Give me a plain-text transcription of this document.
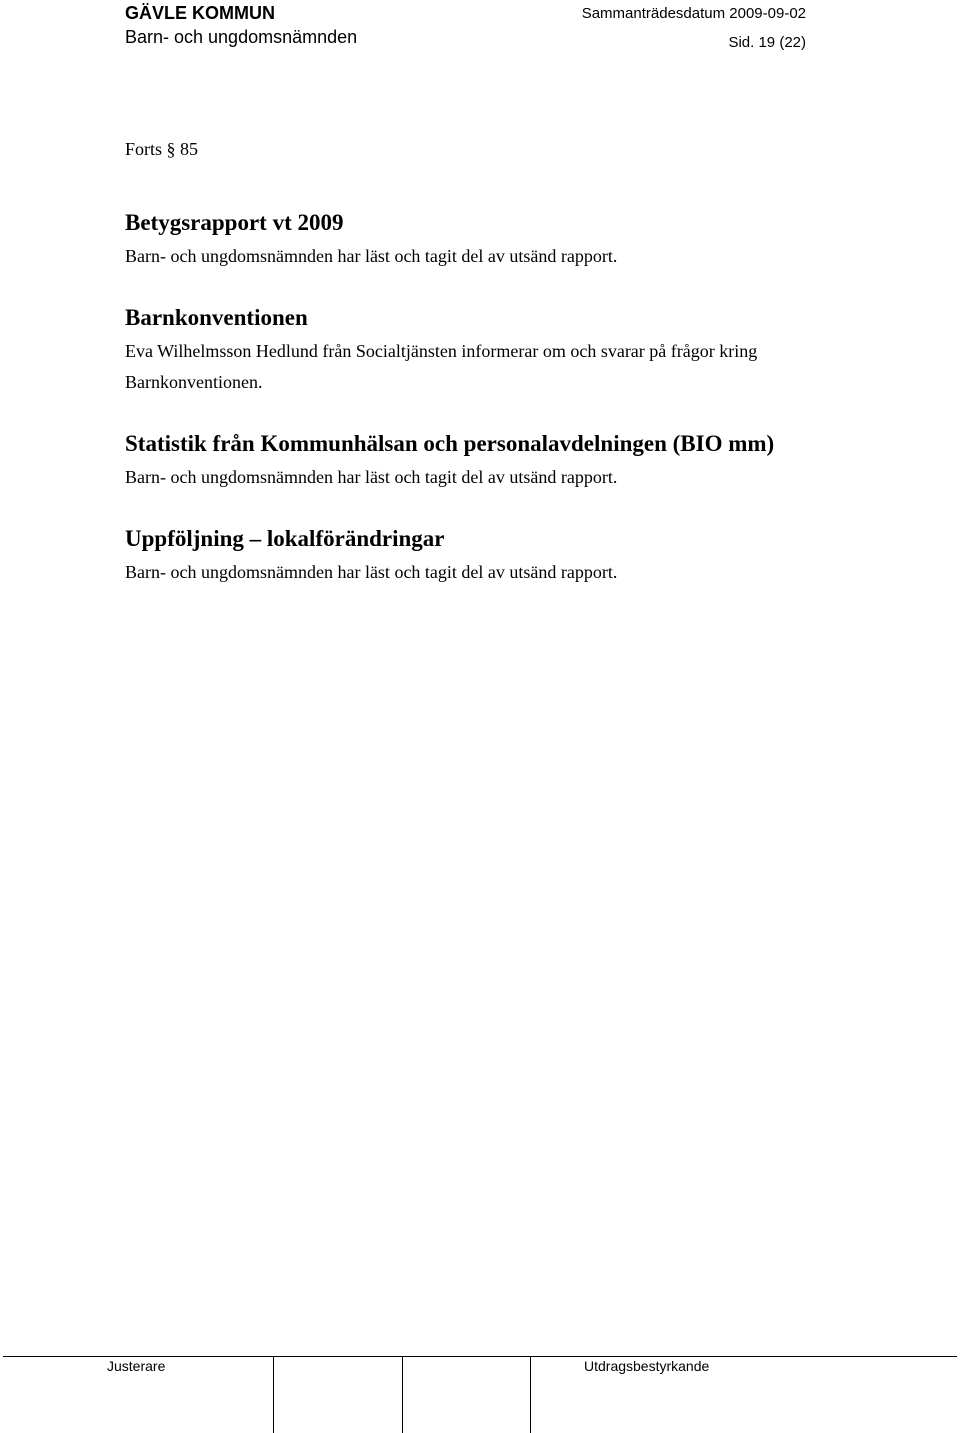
GÄVLE KOMMUN
Barn- och ungdomsnämnden
Sammanträdesdatum 2009-09-02
Sid. 19 (22)
Forts § 85
Betygsrapport vt 2009

Barn- och ungdomsnämnden har läst och tagit del av utsänd rapport.

Barnkonventionen

Eva Wilhelmsson Hedlund från Socialtjänsten informerar om och svarar på frågor kring Barnkonventionen.

Statistik från Kommunhälsan och personalavdelningen (BIO mm)

Barn- och ungdomsnämnden har läst och tagit del av utsänd rapport.

Uppföljning – lokalförändringar

Barn- och ungdomsnämnden har läst och tagit del av utsänd rapport.

Justerare	Utdragsbestyrkande
